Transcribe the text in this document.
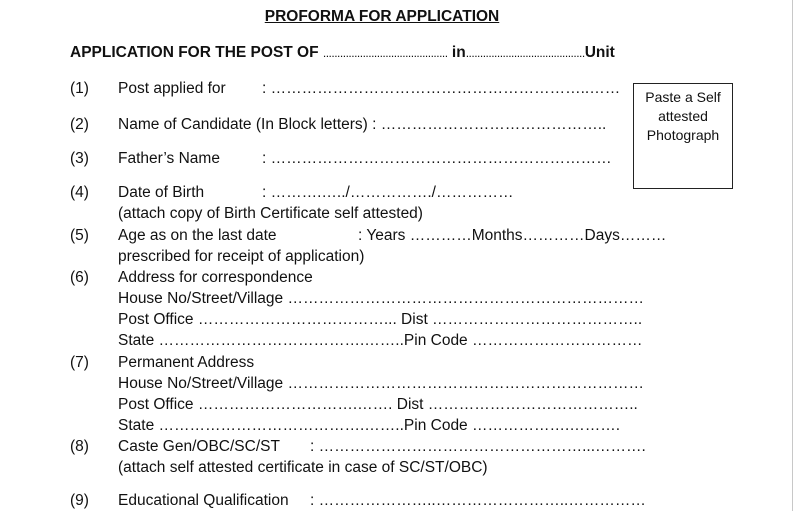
PROFORMA FOR APPLICATION
APPLICATION FOR THE POST OF ............................................ in..........................................Unit
Paste a Self
attested
Photograph
(1) Post applied for : ……………………………………………………..……
(2) Name of Candidate (In Block letters) : ……………………………………..
(3) Father’s Name	: …………………………………………………………
(4) Date of Birth	: ……….…../……………./……………
(attach copy of Birth Certificate self attested)
(5) Age as on the last date	: Years …………Months…………Days………
prescribed for receipt of application)
(6) Address for correspondence
House No/Street/Village ……………………………………………………………
Post Office ………………………………... Dist …………………………………..
State ………………………………….……..Pin Code ……………………………
(7) Permanent Address
House No/Street/Village ……………………………………………………………
Post Office ………………………….……. Dist …………………………………..
State ………………………………….……..Pin Code ……………….……….
(8) Caste Gen/OBC/SC/ST : ……………………………………………...……….
(attach self attested certificate in case of SC/ST/OBC)
(9) Educational Qualification : …………………..……………………..……………
